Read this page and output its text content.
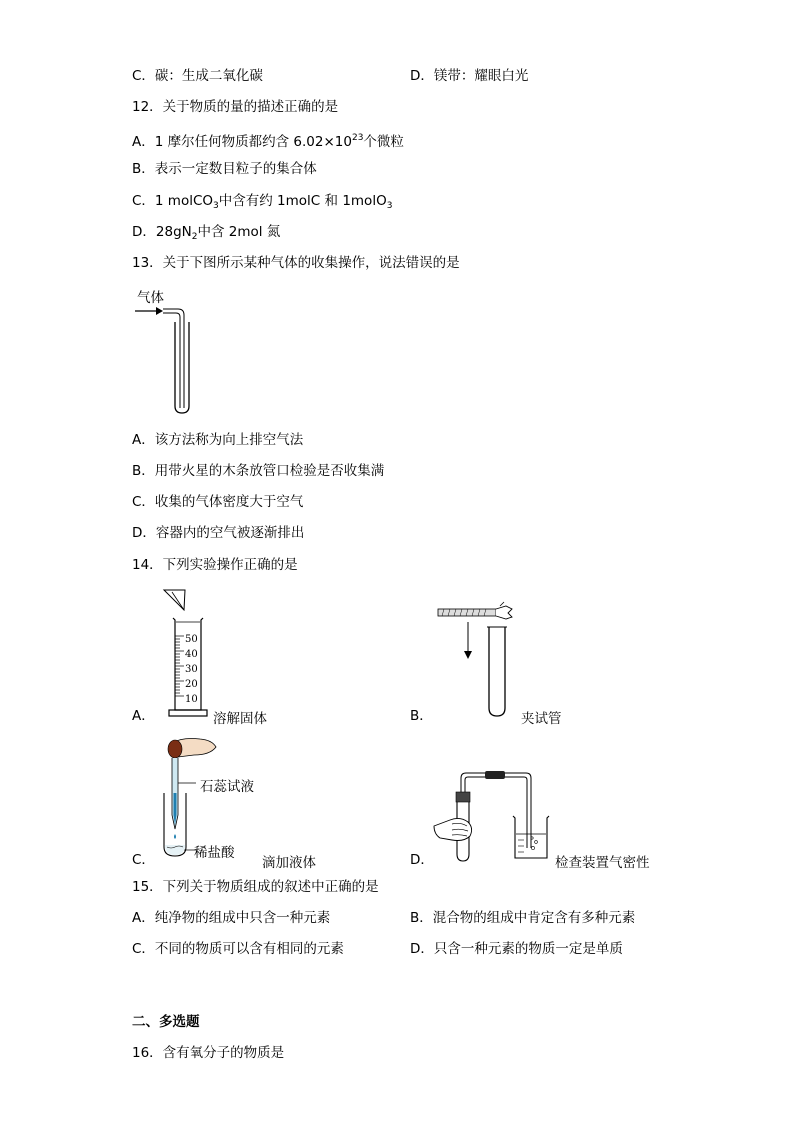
C．碳：生成二氧化碳	D．镁带：耀眼白光
12．关于物质的量的描述正确的是
A．1 摩尔任何物质都约含 $6.02\times 10^{23}$个微粒
B．表示一定数目粒子的集合体
C．1 molCO$_3$中含有约 1molC 和 1molO$_3$
D．$28gN_2$中含 2mol 氮
13．关于下图所示某种气体的收集操作，说法错误的是
气体
A．该方法称为向上排空气法
B．用带火星的木条放管口检验是否收集满
C．收集的气体密度大于空气
D．容器内的空气被逐渐排出
14．下列实验操作正确的是
A．
50
40
30
20
10
溶解固体	B．	夹试管
C．
石蕊试液
稀盐酸
滴加液体	D．	检查装置气密性
15．下列关于物质组成的叙述中正确的是
A．纯净物的组成中只含一种元素	B．混合物的组成中肯定含有多种元素
C．不同的物质可以含有相同的元素	D．只含一种元素的物质一定是单质
二、多选题
16．含有氧分子的物质是
